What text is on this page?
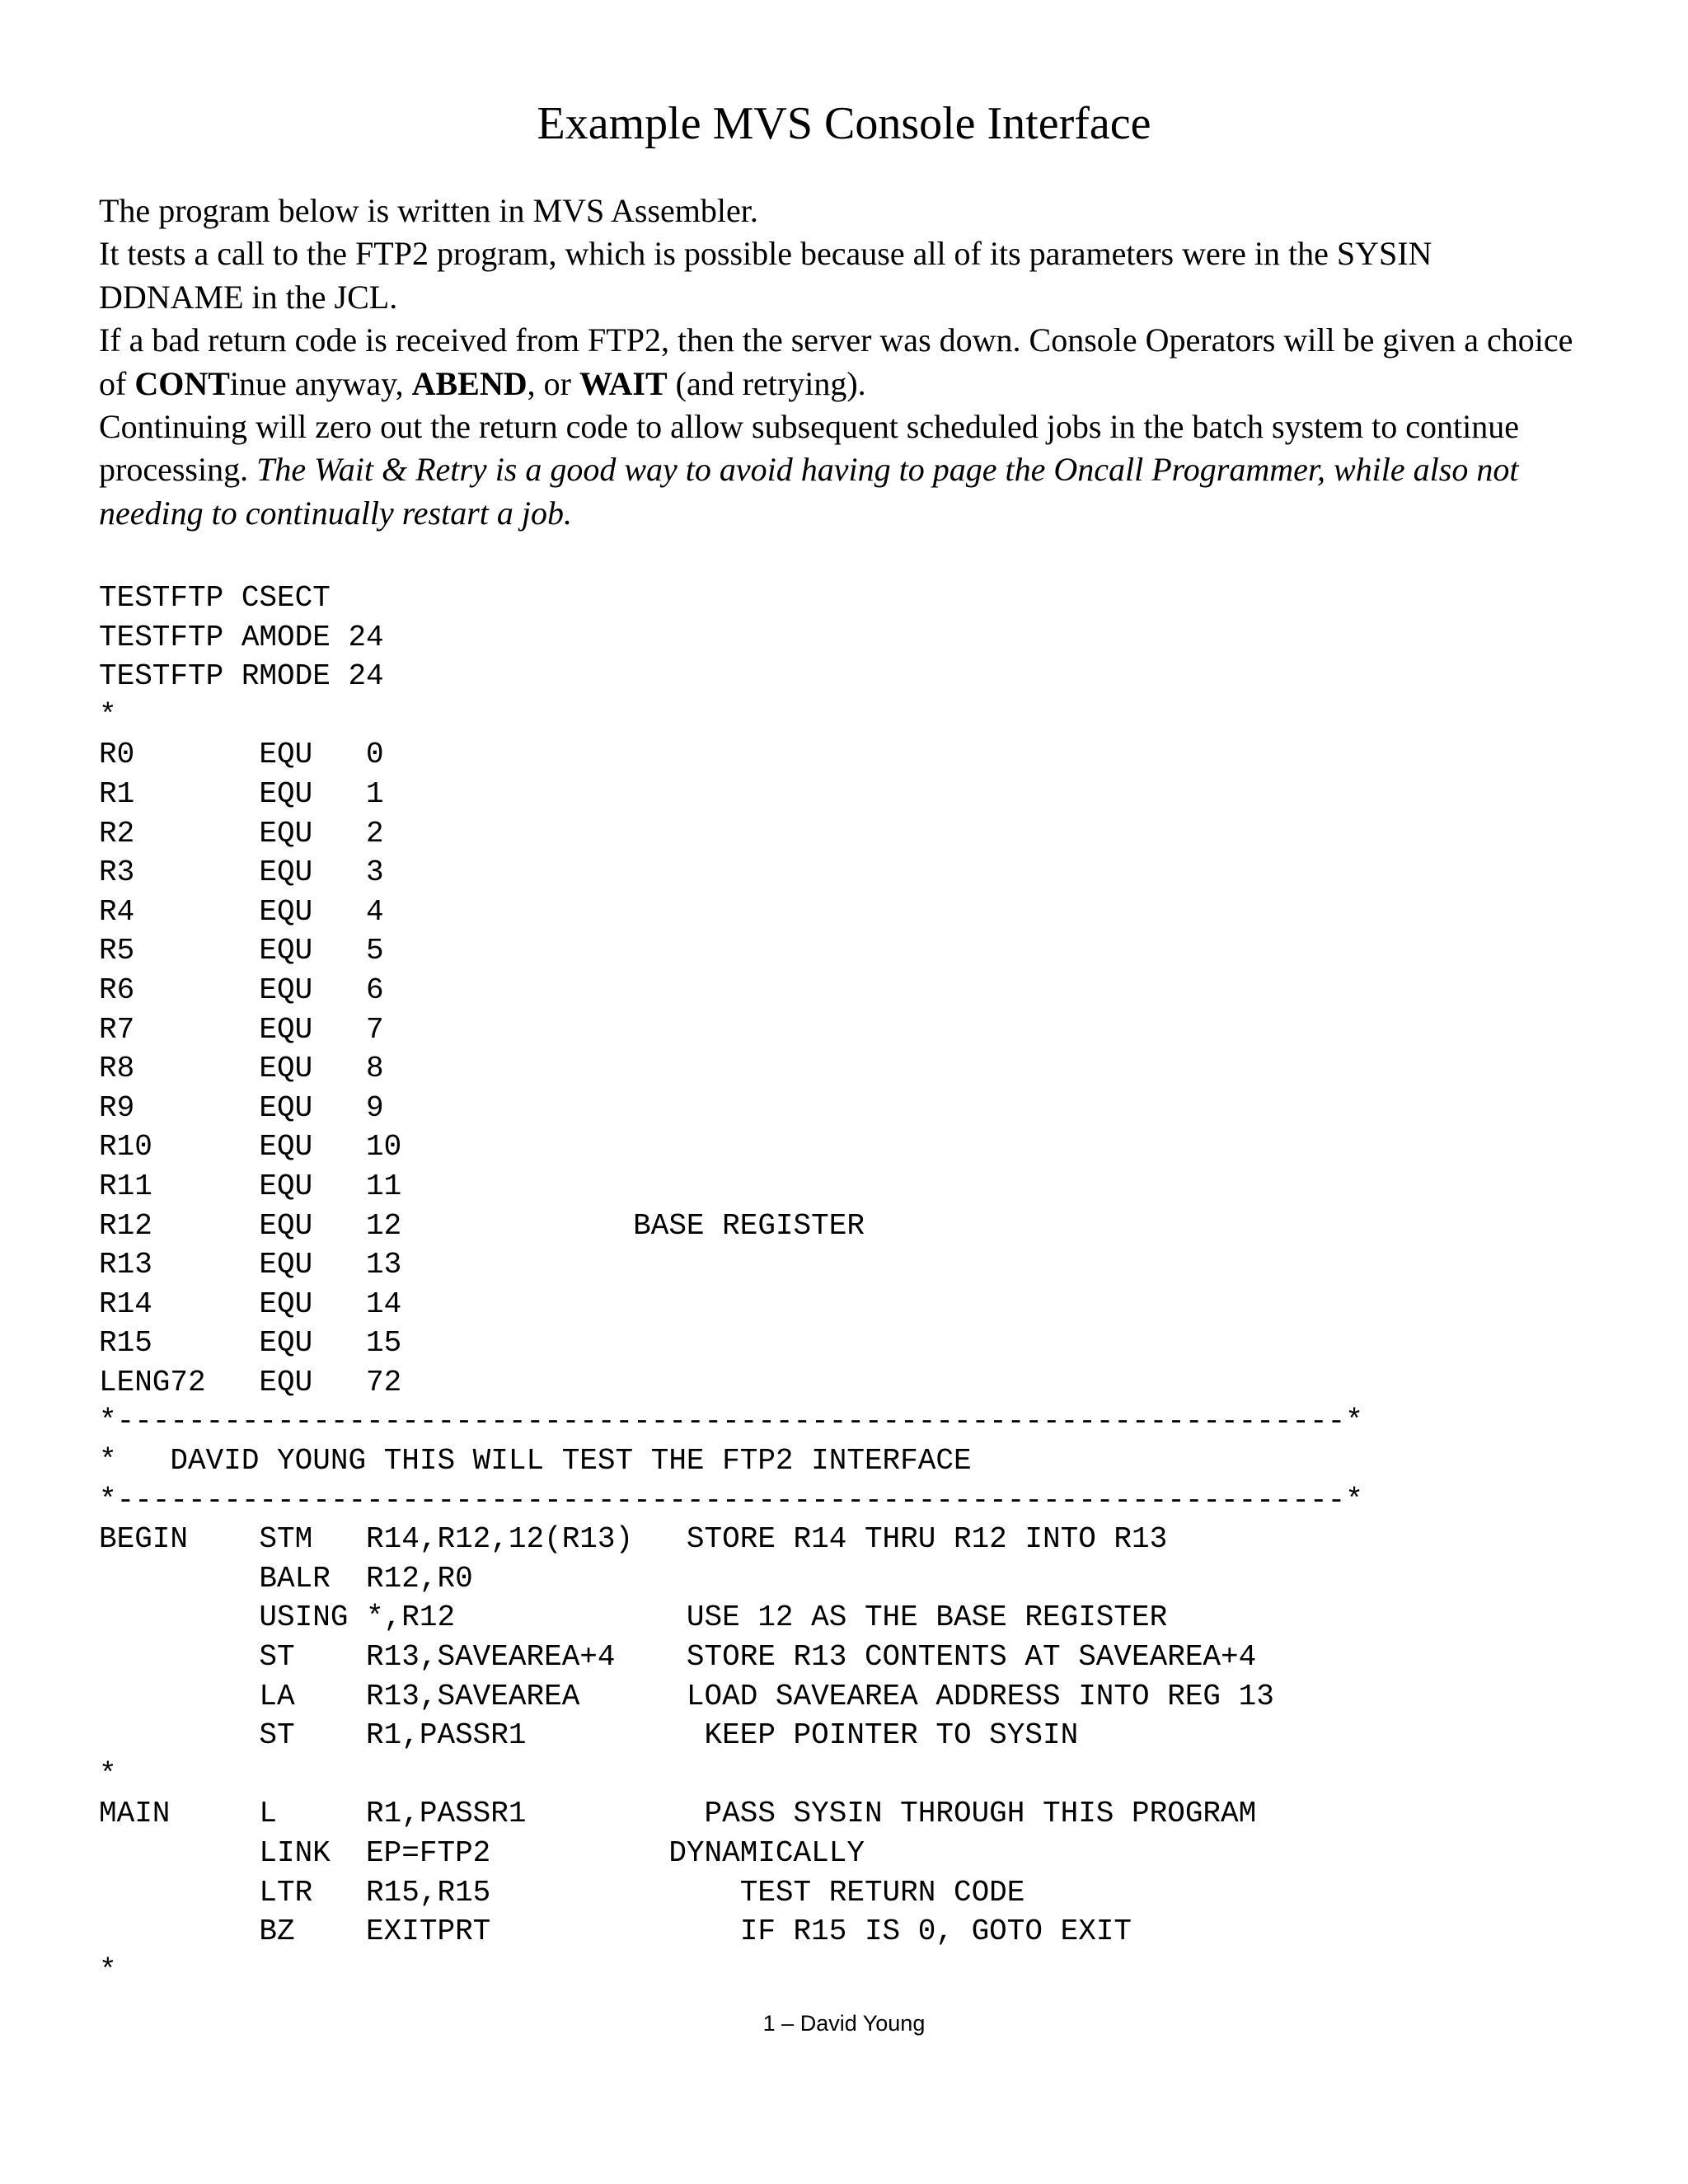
Example MVS Console Interface
The program below is written in MVS Assembler.
It tests a call to the FTP2 program, which is possible because all of its parameters were in the SYSIN
DDNAME in the JCL.
If a bad return code is received from FTP2, then the server was down. Console Operators will be given a choice
of CONTinue anyway, ABEND, or WAIT (and retrying).
Continuing will zero out the return code to allow subsequent scheduled jobs in the batch system to continue
processing. The Wait & Retry is a good way to avoid having to page the Oncall Programmer, while also not
needing to continually restart a job.
TESTFTP CSECT
TESTFTP AMODE 24
TESTFTP RMODE 24
*
R0       EQU   0
R1       EQU   1
R2       EQU   2
R3       EQU   3
R4       EQU   4
R5       EQU   5
R6       EQU   6
R7       EQU   7
R8       EQU   8
R9       EQU   9
R10      EQU   10
R11      EQU   11
R12      EQU   12             BASE REGISTER
R13      EQU   13
R14      EQU   14
R15      EQU   15
LENG72   EQU   72
*---------------------------------------------------------------------*
*   DAVID YOUNG THIS WILL TEST THE FTP2 INTERFACE
*---------------------------------------------------------------------*
BEGIN    STM   R14,R12,12(R13)   STORE R14 THRU R12 INTO R13
BALR  R12,R0
USING *,R12             USE 12 AS THE BASE REGISTER
ST    R13,SAVEAREA+4    STORE R13 CONTENTS AT SAVEAREA+4
LA    R13,SAVEAREA      LOAD SAVEAREA ADDRESS INTO REG 13
ST    R1,PASSR1          KEEP POINTER TO SYSIN
*
MAIN     L     R1,PASSR1          PASS SYSIN THROUGH THIS PROGRAM
LINK  EP=FTP2          DYNAMICALLY
LTR   R15,R15              TEST RETURN CODE
BZ    EXITPRT              IF R15 IS 0, GOTO EXIT
*
1 – David Young
